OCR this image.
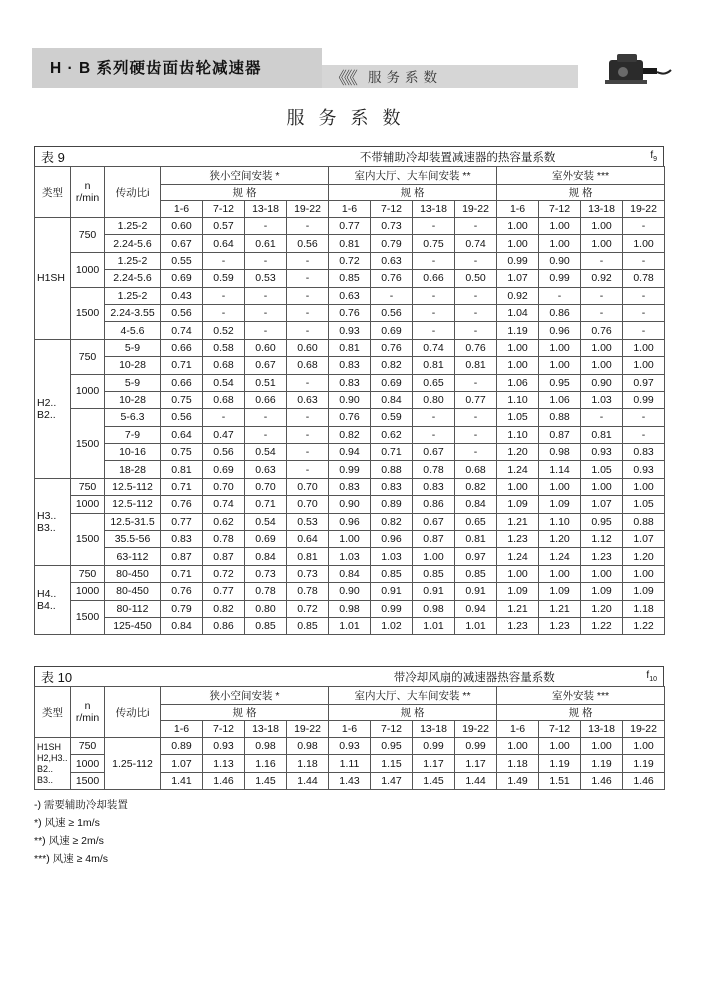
H · B 系列硬齿面齿轮减速器
《《《 服务系数
服务系数
表 9	不带辅助冷却装置减速器的热容量系数	$f_9$
类型	n
r/min	传动比i	狭小空间安装 *				室内大厅、大车间安装 **				室外安装 ***			
			规 格				规 格				规 格			
			1-6	7-12	13-18	19-22	1-6	7-12	13-18	19-22	1-6	7-12	13-18	19-22
H1SH	750	1.25-2	0.60	0.57	-	-	0.77	0.73	-	-	1.00	1.00	1.00	-
		2.24-5.6	0.67	0.64	0.61	0.56	0.81	0.79	0.75	0.74	1.00	1.00	1.00	1.00
	1000	1.25-2	0.55	-	-	-	0.72	0.63	-	-	0.99	0.90	-	-
		2.24-5.6	0.69	0.59	0.53	-	0.85	0.76	0.66	0.50	1.07	0.99	0.92	0.78
	1500	1.25-2	0.43	-	-	-	0.63	-	-	-	0.92	-	-	-
		2.24-3.55	0.56	-	-	-	0.76	0.56	-	-	1.04	0.86	-	-
		4-5.6	0.74	0.52	-	-	0.93	0.69	-	-	1.19	0.96	0.76	-
H2..
B2..	750	5-9	0.66	0.58	0.60	0.60	0.81	0.76	0.74	0.76	1.00	1.00	1.00	1.00
		10-28	0.71	0.68	0.67	0.68	0.83	0.82	0.81	0.81	1.00	1.00	1.00	1.00
	1000	5-9	0.66	0.54	0.51	-	0.83	0.69	0.65	-	1.06	0.95	0.90	0.97
		10-28	0.75	0.68	0.66	0.63	0.90	0.84	0.80	0.77	1.10	1.06	1.03	0.99
	1500	5-6.3	0.56	-	-	-	0.76	0.59	-	-	1.05	0.88	-	-
		7-9	0.64	0.47	-	-	0.82	0.62	-	-	1.10	0.87	0.81	-
		10-16	0.75	0.56	0.54	-	0.94	0.71	0.67	-	1.20	0.98	0.93	0.83
		18-28	0.81	0.69	0.63	-	0.99	0.88	0.78	0.68	1.24	1.14	1.05	0.93
H3..
B3..	750	12.5-112	0.71	0.70	0.70	0.70	0.83	0.83	0.83	0.82	1.00	1.00	1.00	1.00
	1000	12.5-112	0.76	0.74	0.71	0.70	0.90	0.89	0.86	0.84	1.09	1.09	1.07	1.05
	1500	12.5-31.5	0.77	0.62	0.54	0.53	0.96	0.82	0.67	0.65	1.21	1.10	0.95	0.88
		35.5-56	0.83	0.78	0.69	0.64	1.00	0.96	0.87	0.81	1.23	1.20	1.12	1.07
		63-112	0.87	0.87	0.84	0.81	1.03	1.03	1.00	0.97	1.24	1.24	1.23	1.20
H4..
B4..	750	80-450	0.71	0.72	0.73	0.73	0.84	0.85	0.85	0.85	1.00	1.00	1.00	1.00
	1000	80-450	0.76	0.77	0.78	0.78	0.90	0.91	0.91	0.91	1.09	1.09	1.09	1.09
	1500	80-112	0.79	0.82	0.80	0.72	0.98	0.99	0.98	0.94	1.21	1.21	1.20	1.18
		125-450	0.84	0.86	0.85	0.85	1.01	1.02	1.01	1.01	1.23	1.23	1.22	1.22
表 10	带冷却风扇的减速器热容量系数	$f_{10}$
类型	n
r/min	传动比i	狭小空间安装 *				室内大厅、大车间安装 **				室外安装 ***			
			规 格				规 格				规 格			
			1-6	7-12	13-18	19-22	1-6	7-12	13-18	19-22	1-6	7-12	13-18	19-22

H1SH
H2,H3..
B2..
B3..	750	1.25-112	0.89	0.93	0.98	0.98	0.93	0.95	0.99	0.99	1.00	1.00	1.00	1.00
	1000		1.07	1.13	1.16	1.18	1.11	1.15	1.17	1.17	1.18	1.19	1.19	1.19
	1500		1.41	1.46	1.45	1.44	1.43	1.47	1.45	1.44	1.49	1.51	1.46	1.46
-) 需要辅助冷却装置
*) 风速 ≥ 1m/s
**) 风速 ≥ 2m/s
***) 风速 ≥ 4m/s
